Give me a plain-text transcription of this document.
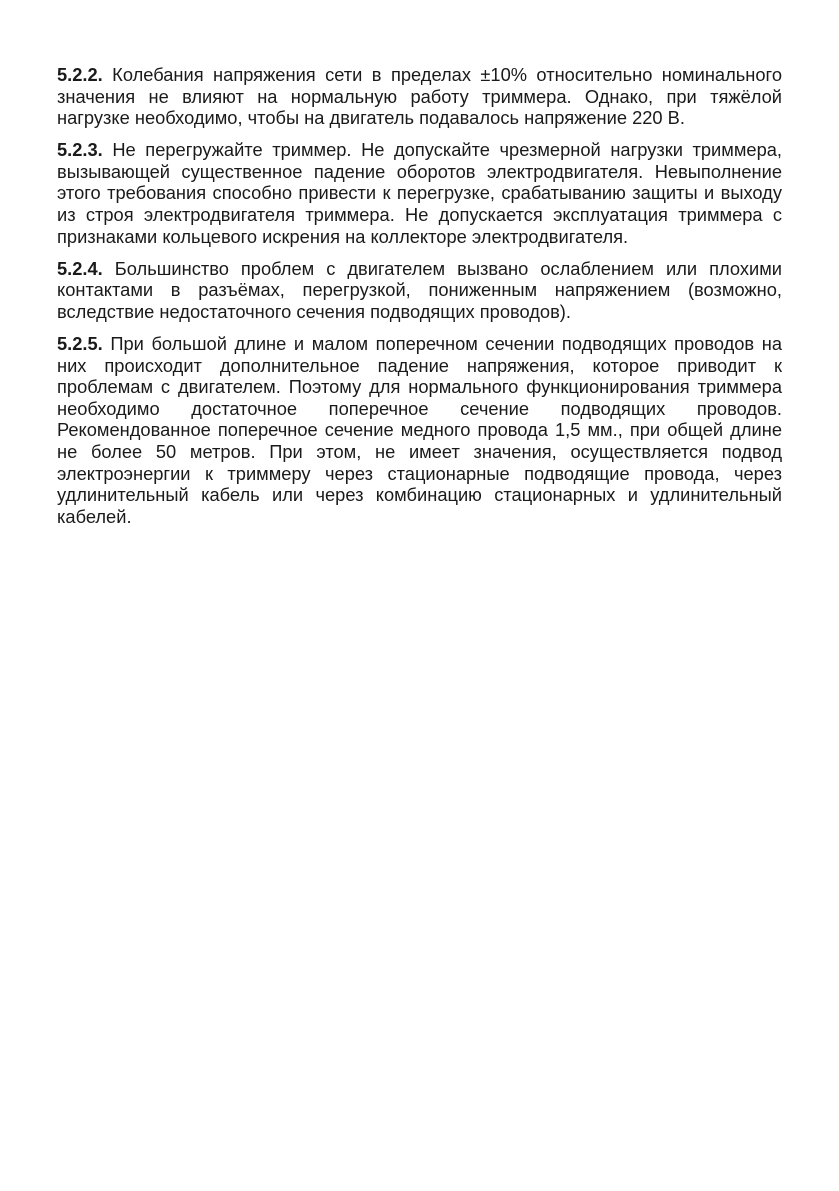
5.2.2. Колебания напряжения сети в пределах ±10% относительно номинального значения не влияют на нормальную работу триммера. Однако, при тяжёлой нагрузке необходимо, чтобы на двигатель подавалось напряжение 220 В.

5.2.3. Не перегружайте триммер. Не допускайте чрезмерной нагрузки триммера, вызывающей существенное падение оборотов электродвигателя. Невыполнение этого требования способно привести к перегрузке, срабатыванию защиты и выходу из строя электродвигателя триммера. Не допускается эксплуатация триммера с признаками кольцевого искрения на коллекторе электродвигателя.

5.2.4. Большинство проблем с двигателем вызвано ослаблением или плохими контактами в разъёмах, перегрузкой, пониженным напряжением (возможно, вследствие недостаточного сечения подводящих проводов).

5.2.5. При большой длине и малом поперечном сечении подводящих проводов на них происходит дополнительное падение напряжения, которое приводит к проблемам с двигателем. Поэтому для нормального функционирования триммера необходимо достаточное поперечное сечение подводящих проводов. Рекомендованное поперечное сечение медного провода 1,5 мм., при общей длине не более 50 метров. При этом, не имеет значения, осуществляется подвод электроэнергии к триммеру через стационарные подводящие провода, через удлинительный кабель или через комбинацию стационарных и удлинительный кабелей.
